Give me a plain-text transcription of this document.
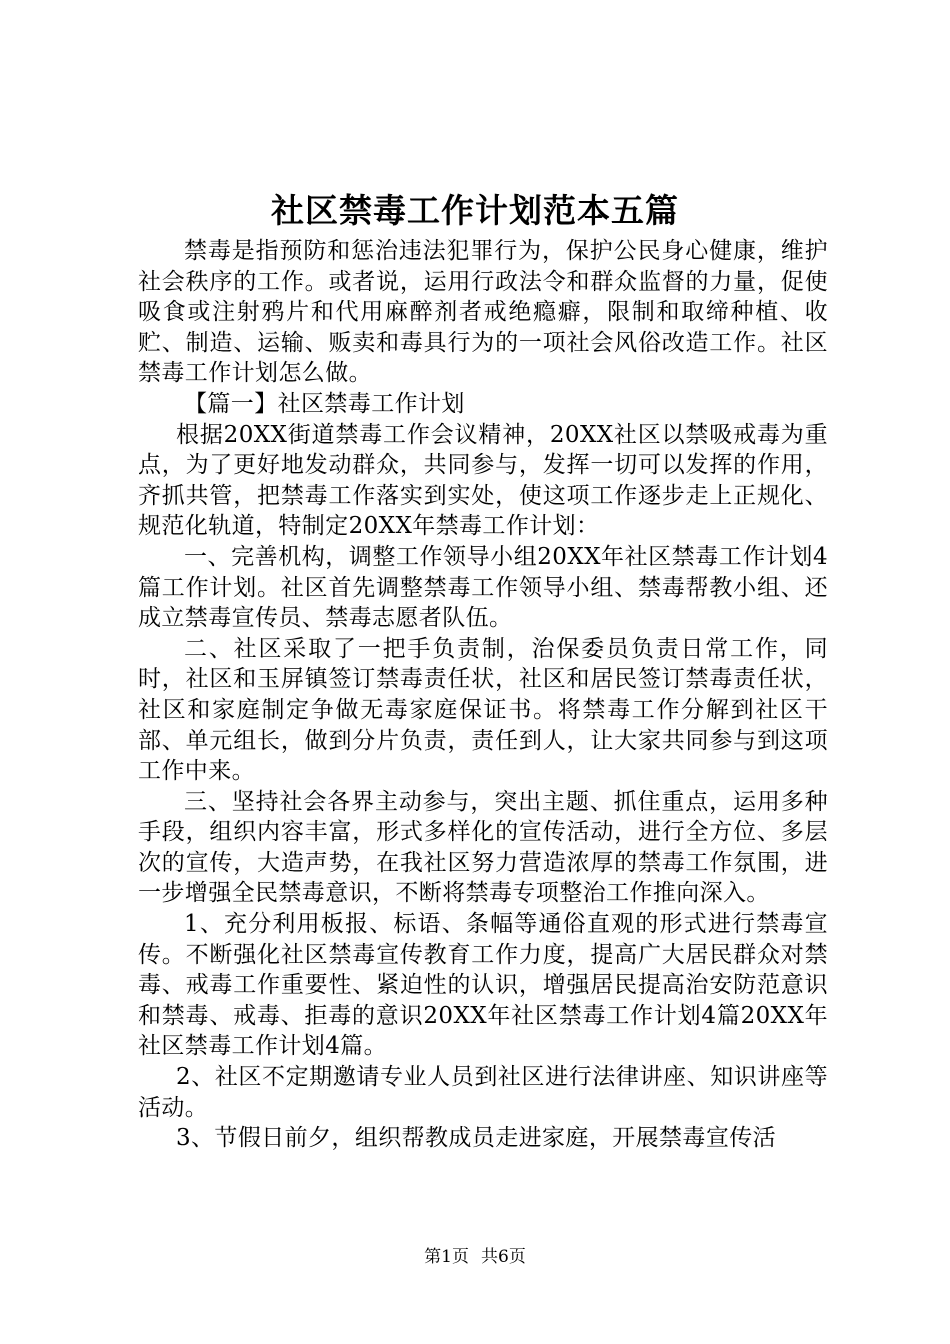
社区禁毒工作计划范本五篇

禁毒是指预防和惩治违法犯罪行为，保护公民身心健康，维护社会秩序的工作。或者说，运用行政法令和群众监督的力量，促使吸食或注射鸦片和代用麻醉剂者戒绝瘾癖，限制和取缔种植、收贮、制造、运输、贩卖和毒具行为的一项社会风俗改造工作。社区禁毒工作计划怎么做。

【篇一】社区禁毒工作计划

根据20XX街道禁毒工作会议精神，20XX社区以禁吸戒毒为重点，为了更好地发动群众，共同参与，发挥一切可以发挥的作用，齐抓共管，把禁毒工作落实到实处，使这项工作逐步走上正规化、规范化轨道，特制定20XX年禁毒工作计划：

一、完善机构，调整工作领导小组20XX年社区禁毒工作计划4篇工作计划。社区首先调整禁毒工作领导小组、禁毒帮教小组、还成立禁毒宣传员、禁毒志愿者队伍。

二、社区采取了一把手负责制，治保委员负责日常工作，同时，社区和玉屏镇签订禁毒责任状，社区和居民签订禁毒责任状，社区和家庭制定争做无毒家庭保证书。将禁毒工作分解到社区干部、单元组长，做到分片负责，责任到人，让大家共同参与到这项工作中来。

三、坚持社会各界主动参与，突出主题、抓住重点，运用多种手段，组织内容丰富，形式多样化的宣传活动，进行全方位、多层次的宣传，大造声势，在我社区努力营造浓厚的禁毒工作氛围，进一步增强全民禁毒意识，不断将禁毒专项整治工作推向深入。

1、充分利用板报、标语、条幅等通俗直观的形式进行禁毒宣传。不断强化社区禁毒宣传教育工作力度，提高广大居民群众对禁毒、戒毒工作重要性、紧迫性的认识，增强居民提高治安防范意识和禁毒、戒毒、拒毒的意识20XX年社区禁毒工作计划4篇20XX年社区禁毒工作计划4篇。

2、社区不定期邀请专业人员到社区进行法律讲座、知识讲座等活动。

3、节假日前夕，组织帮教成员走进家庭，开展禁毒宣传活

第1页 共6页
